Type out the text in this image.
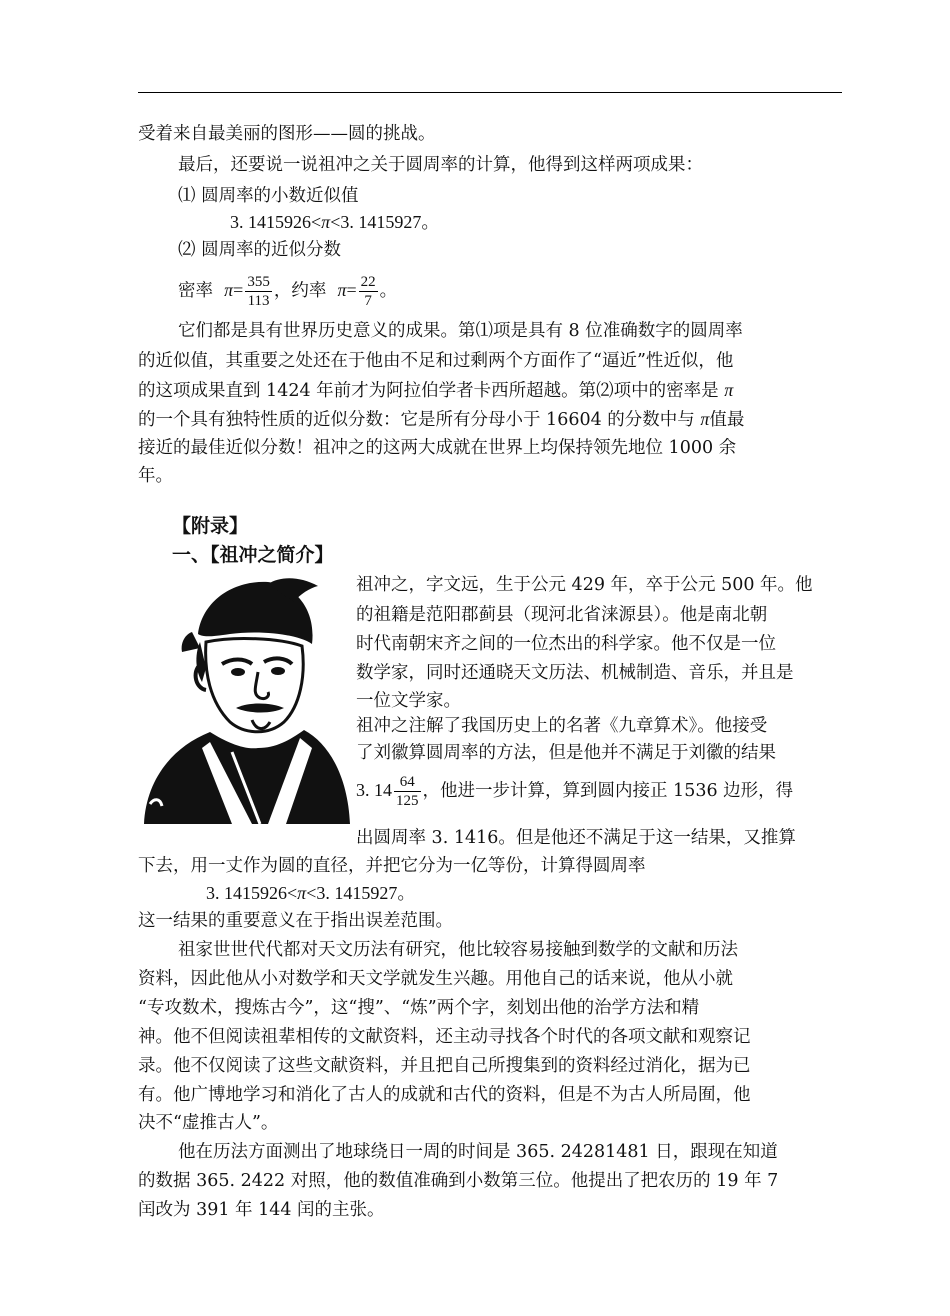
受着来自最美丽的图形——圆的挑战。
最后，还要说一说祖冲之关于圆周率的计算，他得到这样两项成果：
⑴ 圆周率的小数近似值
3. 1415926<π<3. 1415927。
⑵ 圆周率的近似分数
密率 $\pi= \frac{355}{113}$ ，约率 $\pi= \frac{22}{7}$ 。
它们都是具有世界历史意义的成果。第⑴项是具有 8 位准确数字的圆周率
的近似值，其重要之处还在于他由不足和过剩两个方面作了“逼近”性近似，他
的这项成果直到 1424 年前才为阿拉伯学者卡西所超越。第⑵项中的密率是 π
的一个具有独特性质的近似分数：它是所有分母小于 16604 的分数中与 π值最
接近的最佳近似分数！祖冲之的这两大成就在世界上均保持领先地位 1000 余
年。
【附录】
一、【祖冲之简介】
祖冲之，字文远，生于公元 429 年，卒于公元 500 年。他
的祖籍是范阳郡蓟县（现河北省涞源县）。他是南北朝
时代南朝宋齐之间的一位杰出的科学家。他不仅是一位
数学家，同时还通晓天文历法、机械制造、音乐，并且是
一位文学家。
祖冲之注解了我国历史上的名著《九章算术》。他接受
了刘徽算圆周率的方法，但是他并不满足于刘徽的结果
3. $14 \frac{64}{125}$ ，他进一步计算，算到圆内接正 1536 边形，得
出圆周率 3. 1416。但是他还不满足于这一结果，又推算
下去，用一丈作为圆的直径，并把它分为一亿等份，计算得圆周率
3. 1415926<π<3. 1415927。
这一结果的重要意义在于指出误差范围。
祖家世世代代都对天文历法有研究，他比较容易接触到数学的文献和历法
资料，因此他从小对数学和天文学就发生兴趣。用他自己的话来说，他从小就
“专攻数术，搜炼古今”，这“搜”、“炼”两个字，刻划出他的治学方法和精
神。他不但阅读祖辈相传的文献资料，还主动寻找各个时代的各项文献和观察记
录。他不仅阅读了这些文献资料，并且把自己所搜集到的资料经过消化，据为已
有。他广博地学习和消化了古人的成就和古代的资料，但是不为古人所局囿，他
决不“虚推古人”。
他在历法方面测出了地球绕日一周的时间是 365. 24281481 日，跟现在知道
的数据 365. 2422 对照，他的数值准确到小数第三位。他提出了把农历的 19 年 7
闰改为 391 年 144 闰的主张。
